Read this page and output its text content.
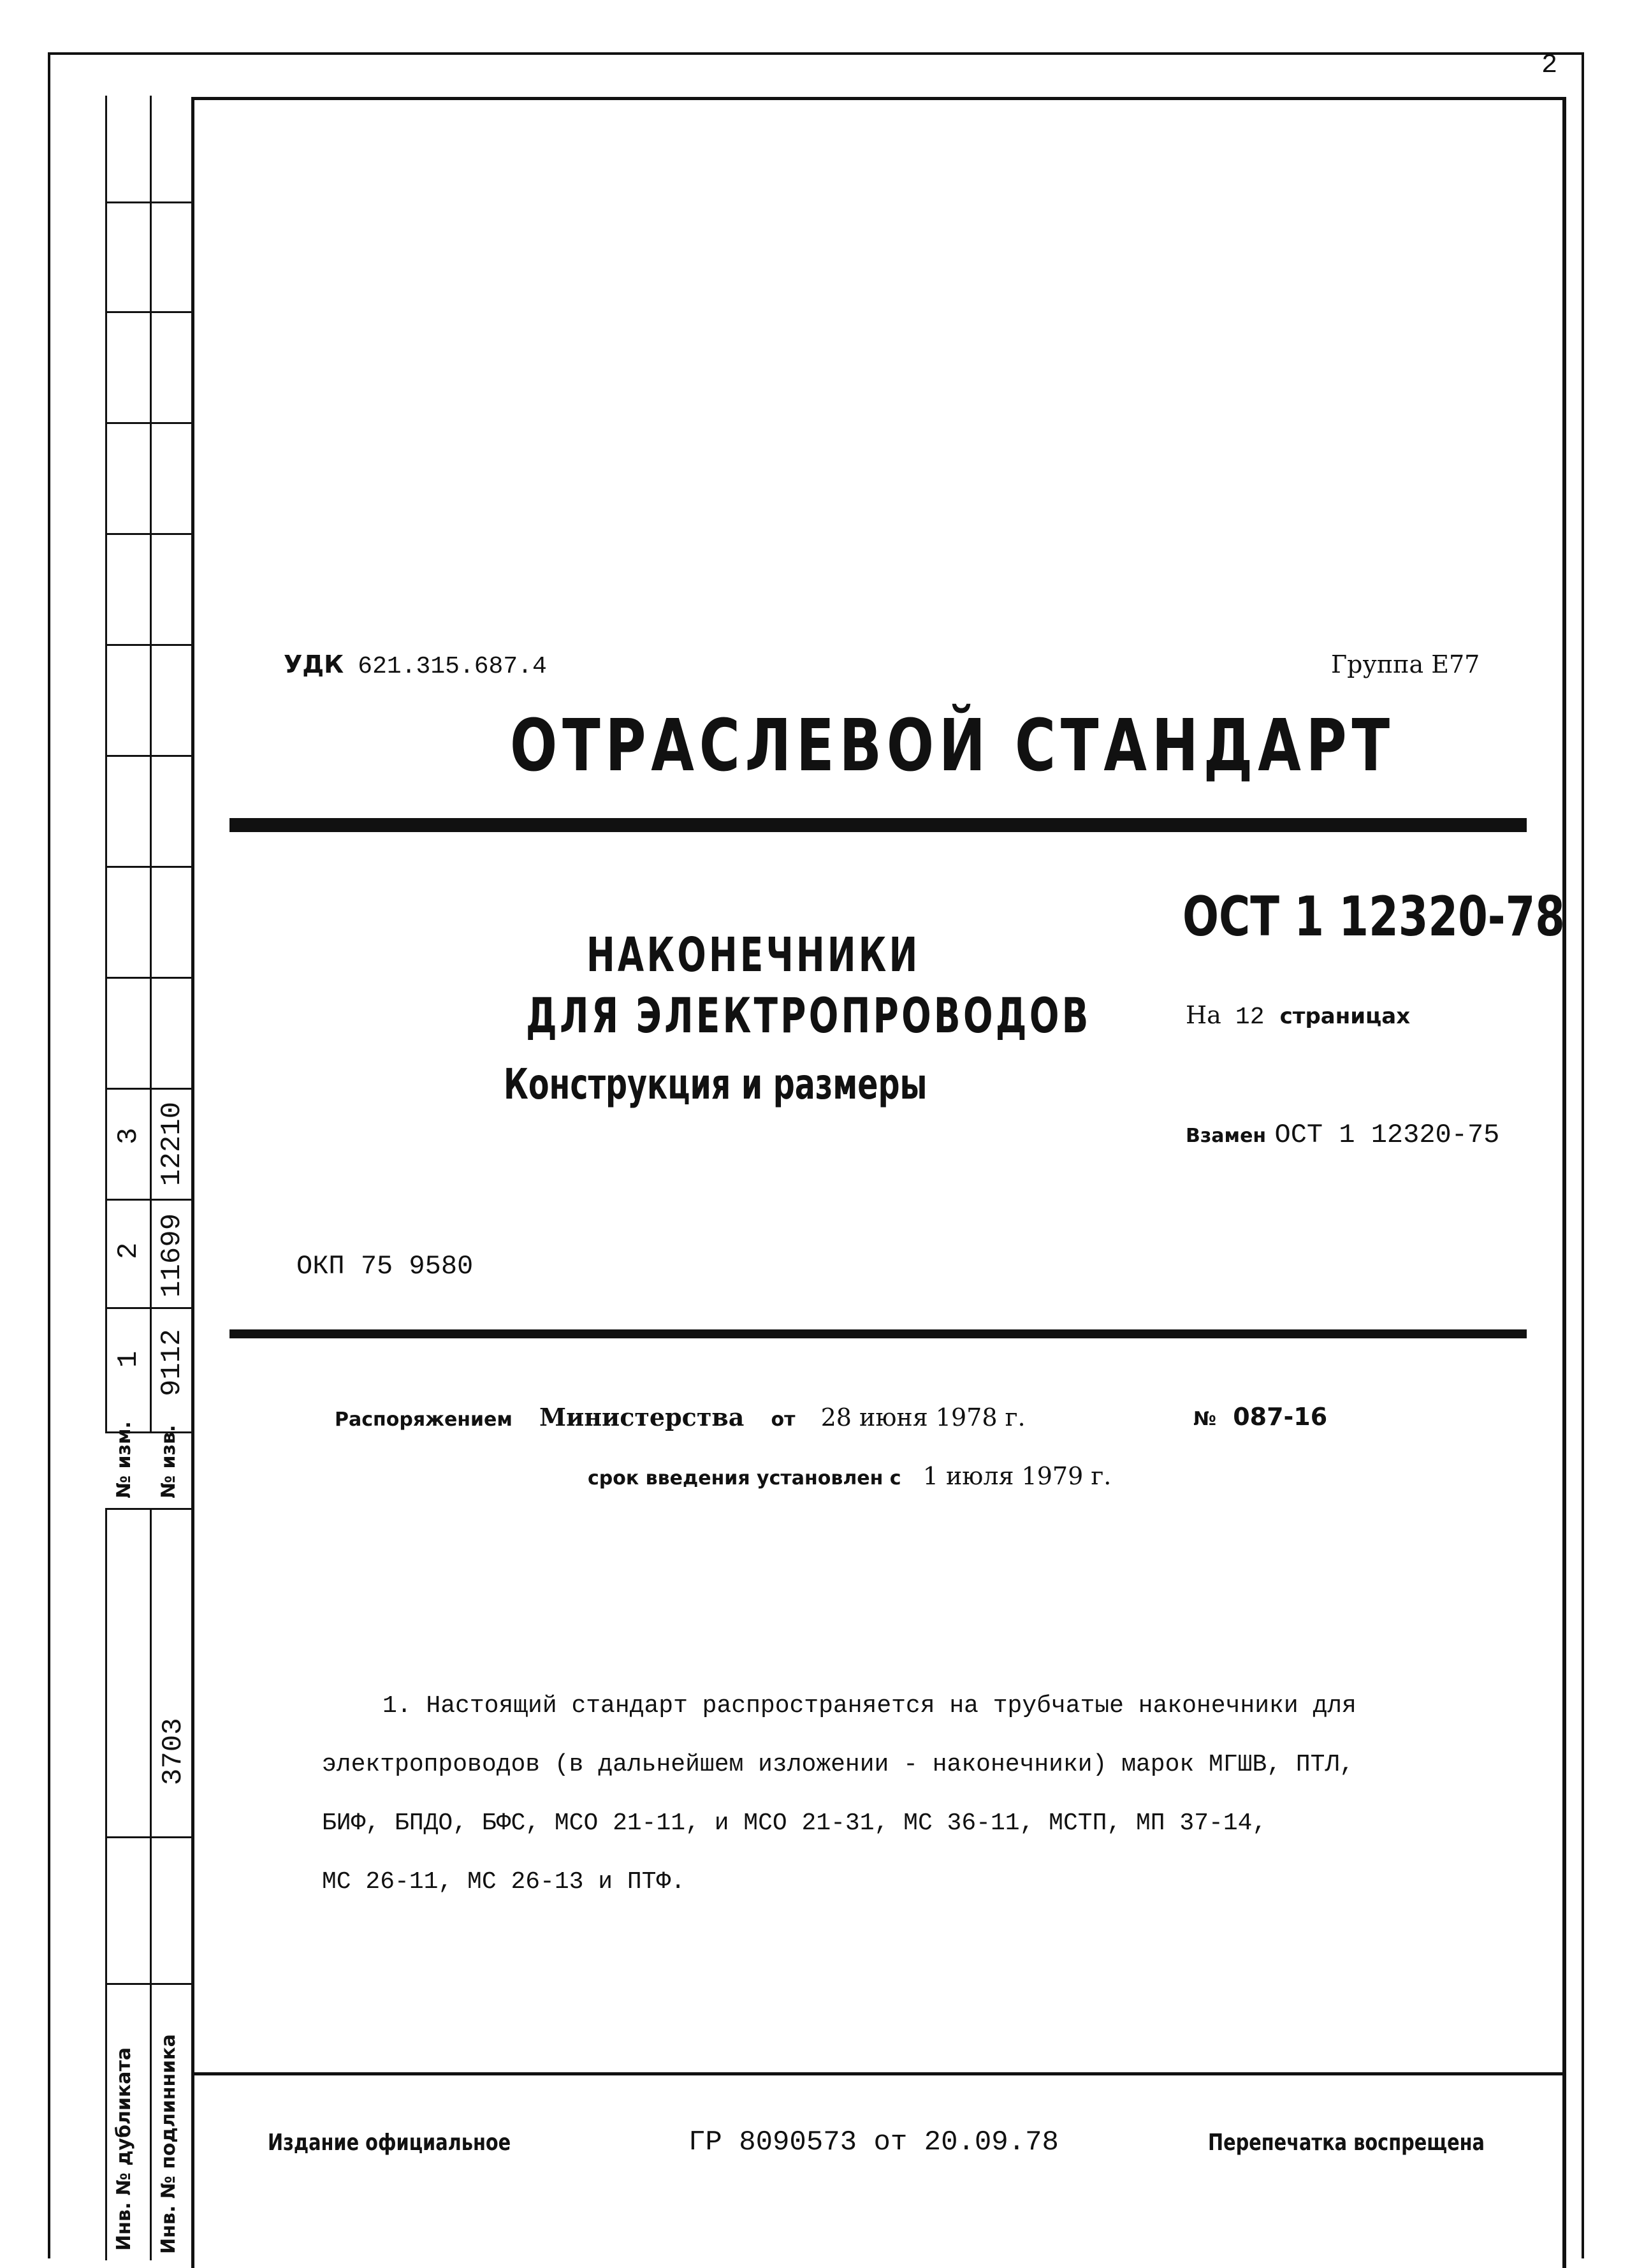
2
3 12210
2 11699
1 9112
№ изм. № изв.
3703
Инв. № дубликата Инв. № подлинника
УДК 621.315.687.4	Группа Е77
ОТРАСЛЕВОЙ СТАНДАРТ
ОСТ 1 12320-78
НАКОНЕЧНИКИ
ДЛЯ ЭЛЕКТРОПРОВОДОВ
Конструкция и размеры
На 12 страницах
Взамен ОСТ 1 12320-75
ОКП 75 9580
Распоряжением Министерства от 28 июня 1978 г.	№ 087-16
срок введения установлен с 1 июля 1979 г.
1. Настоящий стандарт распространяется на трубчатые наконечники для
электропроводов (в дальнейшем изложении - наконечники) марок МГШВ, ПТЛ,
БИФ, БПДО, БФС, МСО 21-11, и МСО 21-31, МС 36-11, МСТП, МП 37-14,
МС 26-11, МС 26-13 и ПТФ.
Издание официальное	ГР 8090573 от 20.09.78	Перепечатка воспрещена
